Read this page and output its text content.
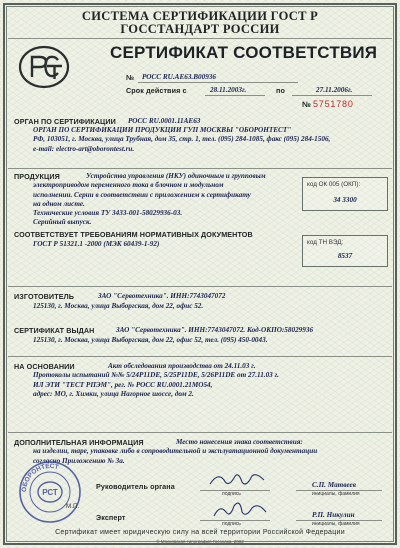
СИСТЕМА СЕРТИФИКАЦИИ ГОСТ Р
ГОССТАНДАРТ РОССИИ
СЕРТИФИКАТ СООТВЕТСТВИЯ
№ РОСС RU.AE63.B00936
Срок действия с	28.11.2003г.	по	27.11.2006г.
№ 5751780
ОРГАН ПО СЕРТИФИКАЦИИ РОСС RU.0001.11AE63
ОРГАН ПО СЕРТИФИКАЦИИ ПРОДУКЦИИ ГУП МОСКВЫ "ОБОРОНТЕСТ"
РФ, 103051, г. Москва, улица Трубная, дом 35, стр. 1, тел. (095) 284-1085, факс (095) 284-1506,
e-mail: electro-art@oborontest.ru.
ПРОДУКЦИЯ	Устройства управления (НКУ) одиночным и групповым
электроприводом переменного тока в блочном и модульном
исполнении. Серии в соответствии с приложением к сертификату
на одном листе.
Технические условия ТУ 3433-001-58029936-03.
Серийный выпуск.
код ОК 005 (ОКП):
34 3300
СООТВЕТСТВУЕТ ТРЕБОВАНИЯМ НОРМАТИВНЫХ ДОКУМЕНТОВ
ГОСТ Р 51321.1 -2000 (МЭК 60439-1-92)	код ТН ВЭД:
8537
ИЗГОТОВИТЕЛЬ	ЗАО "Сервотехника". ИНН:7743047072
125130, г. Москва, улица Выборгская, дом 22, офис 52.
СЕРТИФИКАТ ВЫДАН	ЗАО "Сервотехника". ИНН:7743047072. Код-ОКПО:58029936
125130, г. Москва, улица Выборгская, дом 22, офис 52, тел. (095) 450-0043.
НА ОСНОВАНИИ	Акт обследования производства от 24.11.03 г.
Протоколы испытаний №№ 5/24Р11DE, 5/25Р11DE, 5/26Р11DE от 27.11.03 г.
ИЛ ЭТИ "ТЕСТ РПЭМ", рег. № РОСС RU.0001.21MO54,
адрес: МО, г. Химки, улица Нагорное шоссе, дом 2.
ДОПОЛНИТЕЛЬНАЯ ИНФОРМАЦИЯ	Место нанесения знака соответствия:
на изделии, таре, упаковке либо в сопроводительной и эксплуатационной документации
согласно Приложению № 3а.
ОБОРОНТЕСТ
РСТ
М.П.
Руководитель органа
подпись
С.П. Матвеев
инициалы, фамилия
Эксперт
подпись
Р.П. Никулин
инициалы, фамилия
Сертификат имеет юридическую силу на всей территории Российской Федерации
© Московская типография Госзнака. 2002
